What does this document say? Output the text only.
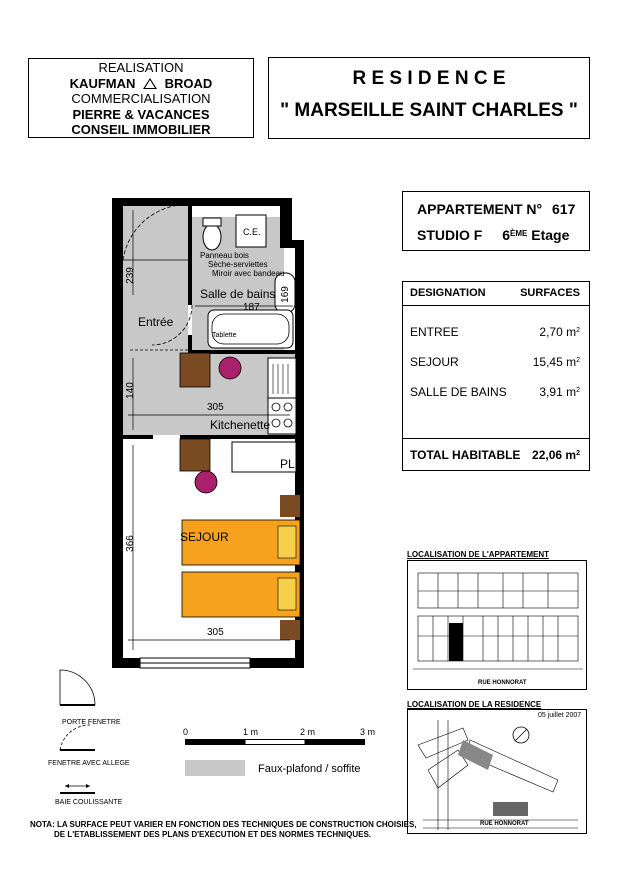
REALISATION
KAUFMAN BROAD
COMMERCIALISATION
PIERRE & VACANCES
CONSEIL IMMOBILIER
R E S I D E N C E
" MARSEILLE SAINT CHARLES "
APPARTEMENT N° 617
STUDIO F 6ÈME Etage
DESIGNATION	SURFACES
ENTREE	2,70 $m^2$
SEJOUR	15,45 $m^2$
SALLE DE BAINS	3,91 $m^2$
TOTAL HABITABLE 22,06 $m^2$
C.E.
Panneau bois
Sèche-serviettes
Miroir avec bandeau
Salle de bains
Entrée
Tablette
Kitchenette
PL
SEJOUR
239
187
169
140
305
366
305
PORTE FENETRE
FENETRE AVEC ALLEGE
BAIE COULISSANTE
0	1 m	2 m	3 m
Faux-plafond / soffite
LOCALISATION DE L'APPARTEMENT
RUE HONNORAT
LOCALISATION DE LA RESIDENCE
05 juillet 2007
RUE HONNORAT
NOTA: LA SURFACE PEUT VARIER EN FONCTION DES TECHNIQUES DE CONSTRUCTION CHOISIES,
DE L'ETABLISSEMENT DES PLANS D'EXECUTION ET DES NORMES TECHNIQUES.
